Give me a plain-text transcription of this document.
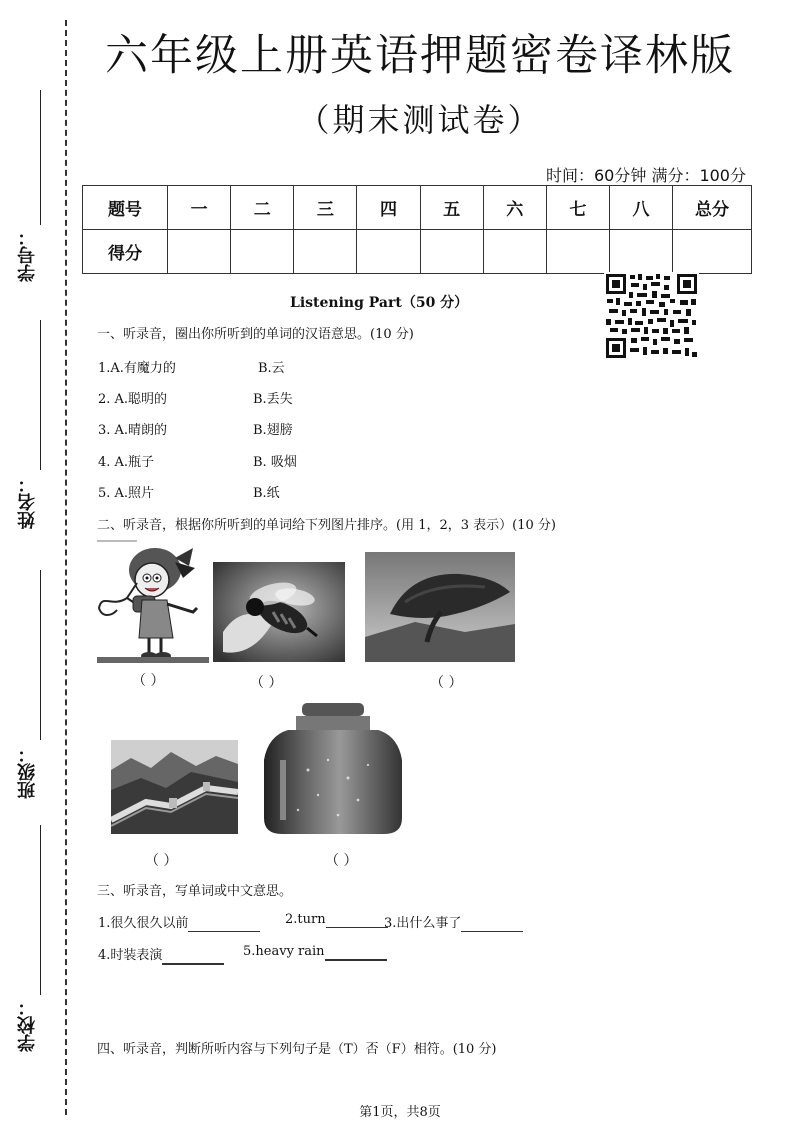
学号：
姓名：
班级：
学校：
六年级上册英语押题密卷译林版
（期末测试卷）
时间：60分钟 满分：100分
题号	一	二	三	四	五	六	七	八	总分
得分									
Listening Part（50 分）
一、听录音，圈出你所听到的单词的汉语意思。(10 分)
1.A.有魔力的	B.云
2. A.聪明的	B.丢失
3. A.晴朗的	B.翅膀
4. A.瓶子	B. 吸烟
5. A.照片	B.纸
二、听录音，根据你所听到的单词给下列图片排序。(用 1，2，3 表示）(10 分)
（ ）	（ ）	（ ）
（ ）	（ ）
三、听录音，写单词或中文意思。
1.很久很久以前	2.turn	3.出什么事了
4.时装表演	5.heavy rain
四、听录音，判断所听内容与下列句子是（T）否（F）相符。(10 分)
第1页，共8页
